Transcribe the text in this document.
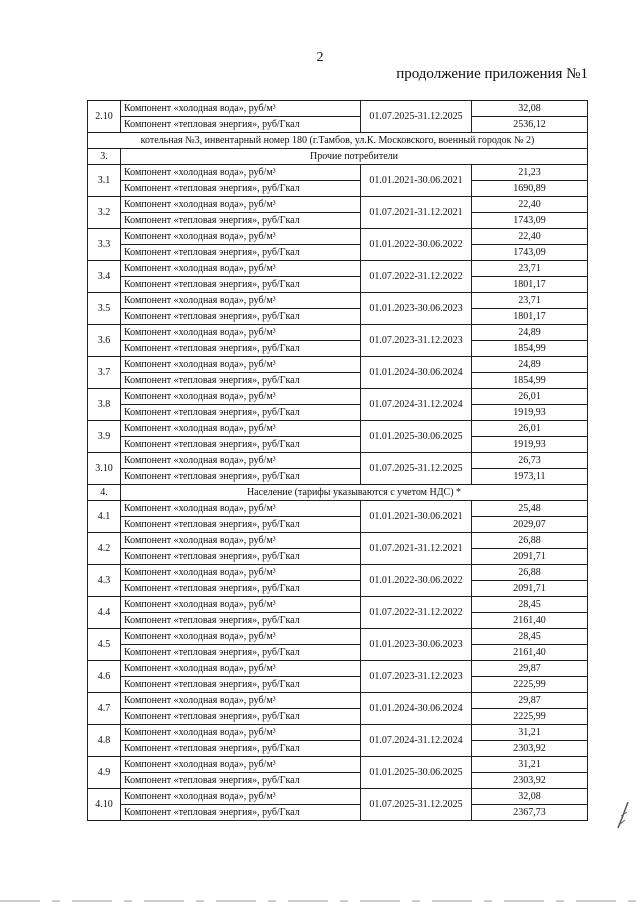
2
продолжение приложения №1
2.10	Компонент «холодная вода», руб/м³	01.07.2025-31.12.2025	32,08
	Компонент «тепловая энергия», руб/Гкал		2536,12
котельная №3, инвентарный номер 180 (г.Тамбов, ул.К. Московского, военный городок № 2)			
3.	Прочие потребители		
3.1	Компонент «холодная вода», руб/м³	01.01.2021-30.06.2021	21,23
	Компонент «тепловая энергия», руб/Гкал		1690,89
3.2	Компонент «холодная вода», руб/м³	01.07.2021-31.12.2021	22,40
	Компонент «тепловая энергия», руб/Гкал		1743,09
3.3	Компонент «холодная вода», руб/м³	01.01.2022-30.06.2022	22,40
	Компонент «тепловая энергия», руб/Гкал		1743,09
3.4	Компонент «холодная вода», руб/м³	01.07.2022-31.12.2022	23,71
	Компонент «тепловая энергия», руб/Гкал		1801,17
3.5	Компонент «холодная вода», руб/м³	01.01.2023-30.06.2023	23,71
	Компонент «тепловая энергия», руб/Гкал		1801,17
3.6	Компонент «холодная вода», руб/м³	01.07.2023-31.12.2023	24,89
	Компонент «тепловая энергия», руб/Гкал		1854,99
3.7	Компонент «холодная вода», руб/м³	01.01.2024-30.06.2024	24,89
	Компонент «тепловая энергия», руб/Гкал		1854,99
3.8	Компонент «холодная вода», руб/м³	01.07.2024-31.12.2024	26,01
	Компонент «тепловая энергия», руб/Гкал		1919,93
3.9	Компонент «холодная вода», руб/м³	01.01.2025-30.06.2025	26,01
	Компонент «тепловая энергия», руб/Гкал		1919,93
3.10	Компонент «холодная вода», руб/м³	01.07.2025-31.12.2025	26,73
	Компонент «тепловая энергия», руб/Гкал		1973,11
4.	Население (тарифы указываются с учетом НДС) *		
4.1	Компонент «холодная вода», руб/м³	01.01.2021-30.06.2021	25,48
	Компонент «тепловая энергия», руб/Гкал		2029,07
4.2	Компонент «холодная вода», руб/м³	01.07.2021-31.12.2021	26,88
	Компонент «тепловая энергия», руб/Гкал		2091,71
4.3	Компонент «холодная вода», руб/м³	01.01.2022-30.06.2022	26,88
	Компонент «тепловая энергия», руб/Гкал		2091,71
4.4	Компонент «холодная вода», руб/м³	01.07.2022-31.12.2022	28,45
	Компонент «тепловая энергия», руб/Гкал		2161,40
4.5	Компонент «холодная вода», руб/м³	01.01.2023-30.06.2023	28,45
	Компонент «тепловая энергия», руб/Гкал		2161,40
4.6	Компонент «холодная вода», руб/м³	01.07.2023-31.12.2023	29,87
	Компонент «тепловая энергия», руб/Гкал		2225,99
4.7	Компонент «холодная вода», руб/м³	01.01.2024-30.06.2024	29,87
	Компонент «тепловая энергия», руб/Гкал		2225,99
4.8	Компонент «холодная вода», руб/м³	01.07.2024-31.12.2024	31,21
	Компонент «тепловая энергия», руб/Гкал		2303,92
4.9	Компонент «холодная вода», руб/м³	01.01.2025-30.06.2025	31,21
	Компонент «тепловая энергия», руб/Гкал		2303,92
4.10	Компонент «холодная вода», руб/м³	01.07.2025-31.12.2025	32,08
	Компонент «тепловая энергия», руб/Гкал		2367,73
